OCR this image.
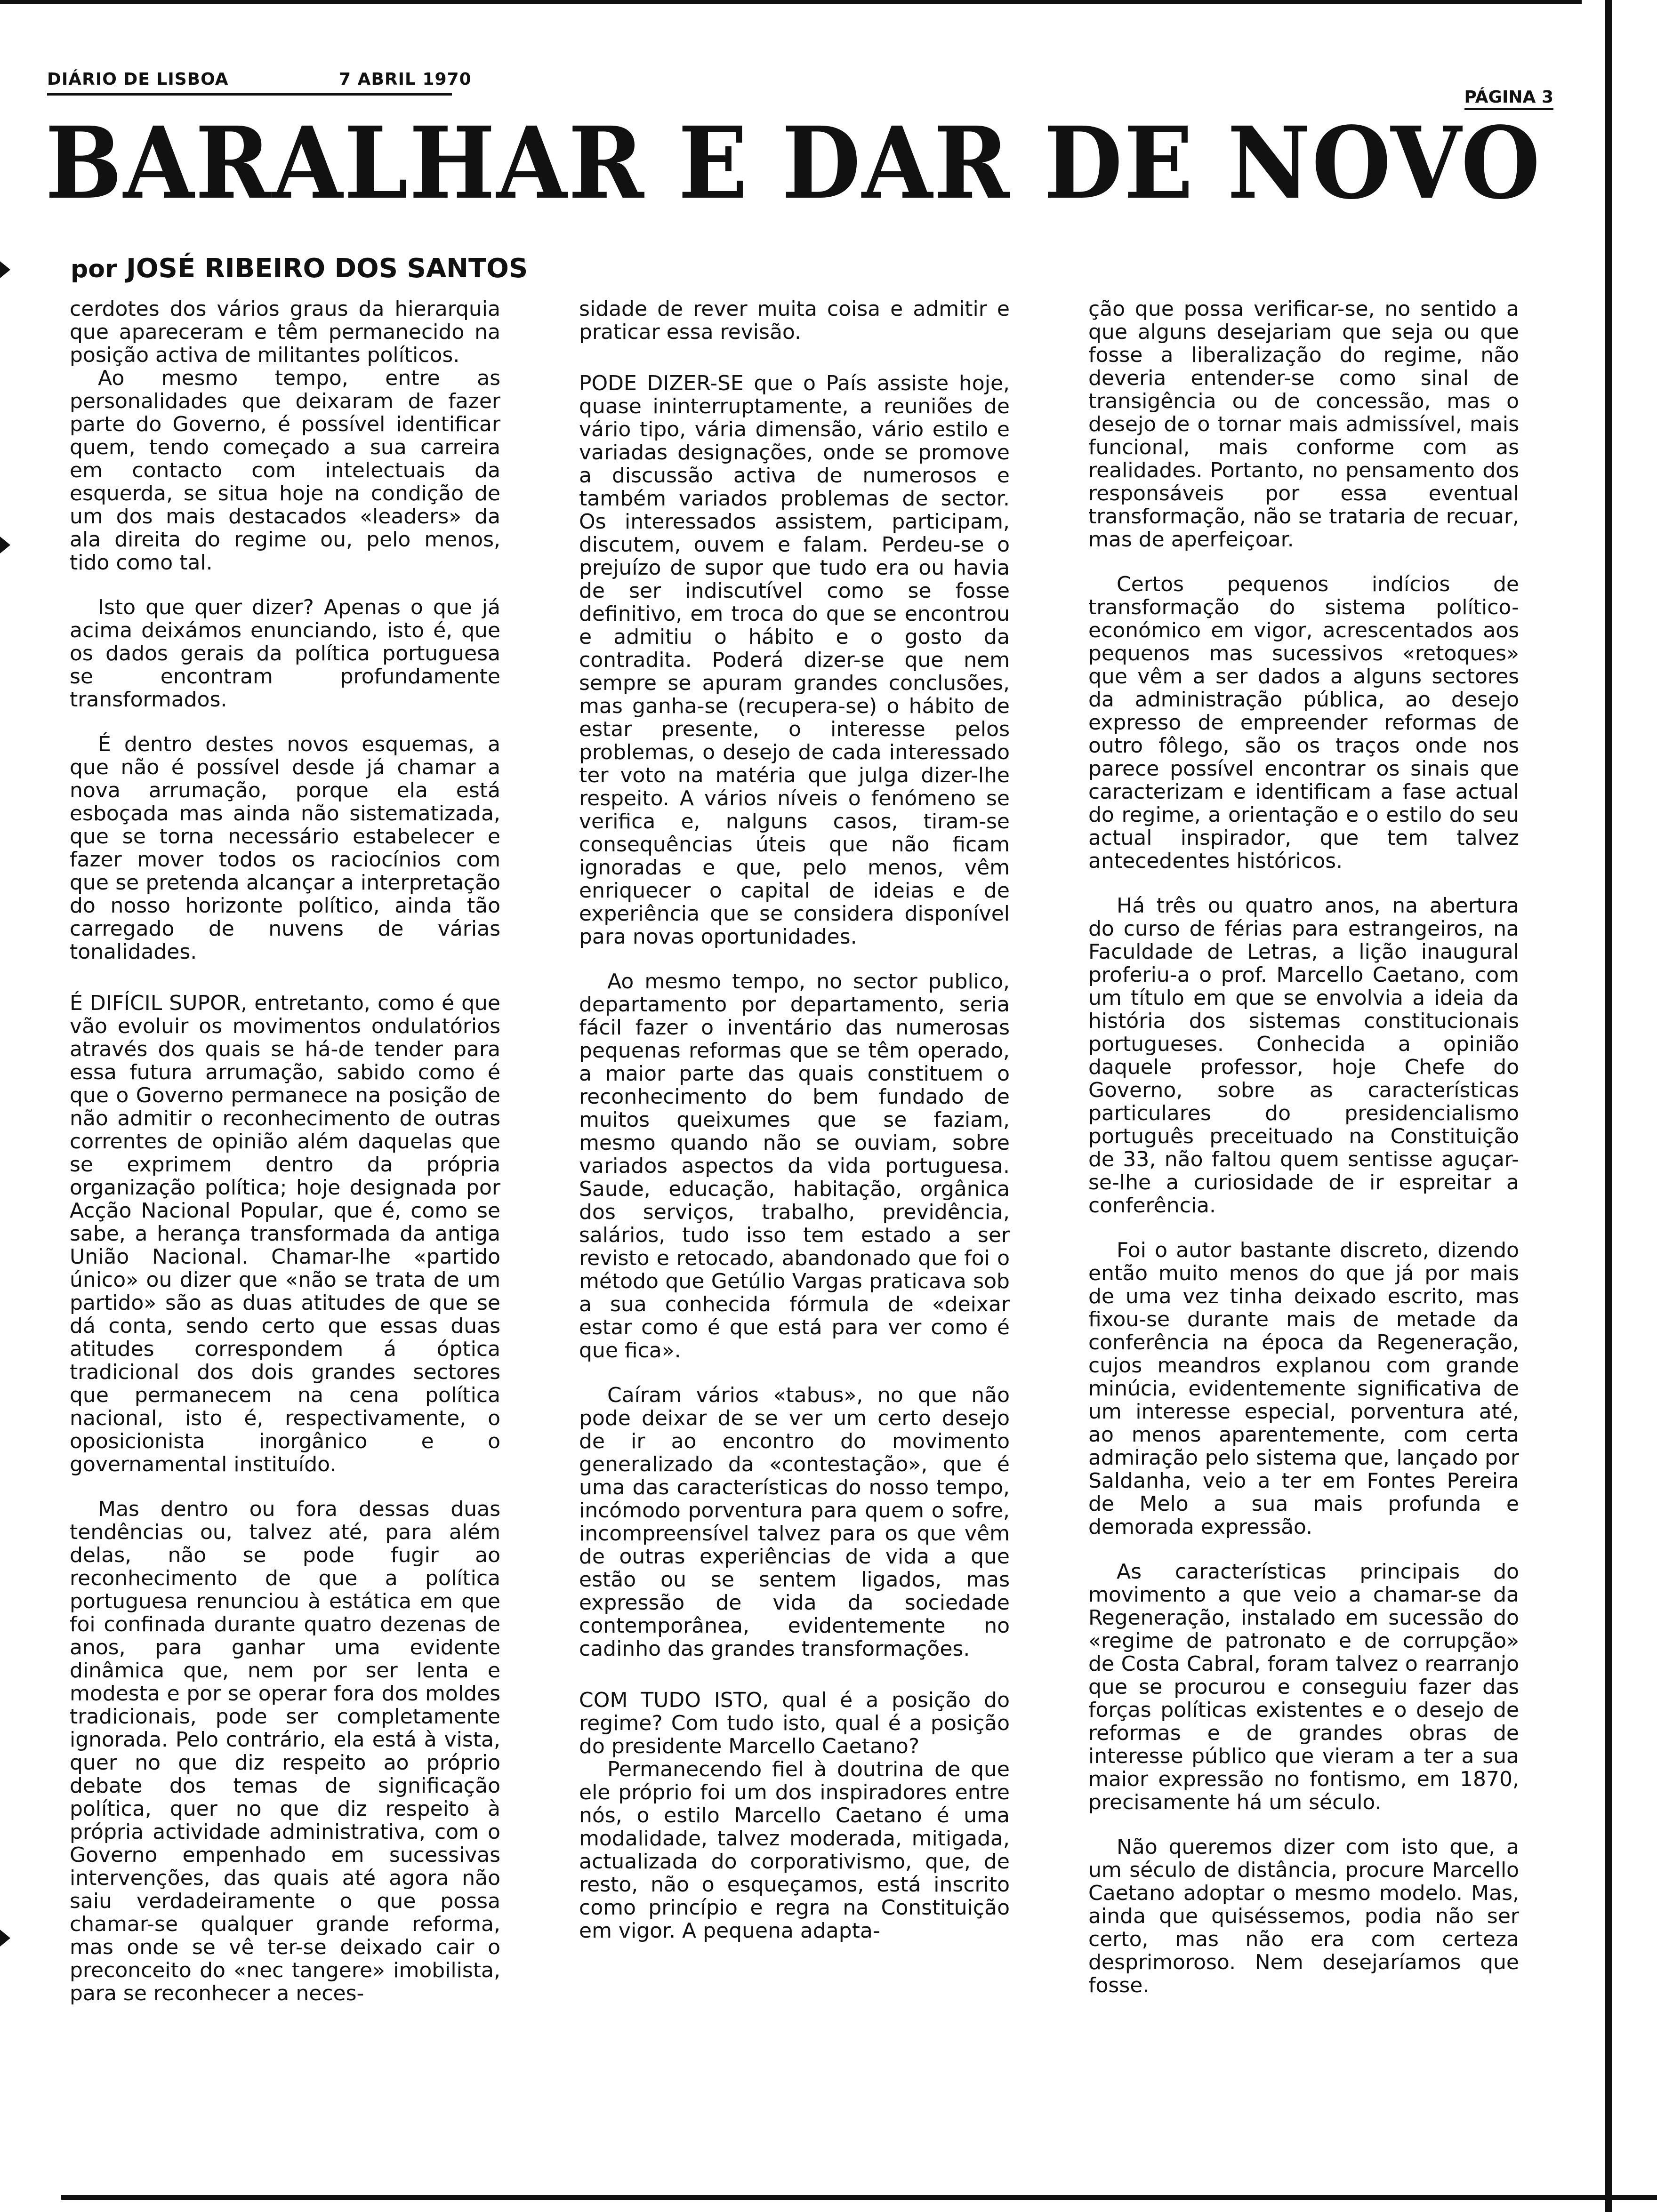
DIÁRIO DE LISBOA	7 ABRIL 1970
PÁGINA 3
BARALHAR E DAR DE NOVO
por JOSÉ RIBEIRO DOS SANTOS

cerdotes dos vários graus da hierarquia que apareceram e têm permanecido na posição activa de militantes políticos.

Ao mesmo tempo, entre as personalidades que deixaram de fazer parte do Governo, é possível identificar quem, tendo começado a sua carreira em contacto com intelectuais da esquerda, se situa hoje na condição de um dos mais destacados «leaders» da ala direita do regime ou, pelo menos, tido como tal.

Isto que quer dizer? Apenas o que já acima deixámos enunciando, isto é, que os dados gerais da política portuguesa se encontram profundamente transformados.

É dentro destes novos esquemas, a que não é possível desde já chamar a nova arrumação, porque ela está esboçada mas ainda não sistematizada, que se torna necessário estabelecer e fazer mover todos os raciocínios com que se pretenda alcançar a interpretação do nosso horizonte político, ainda tão carregado de nuvens de várias tonalidades.

É DIFÍCIL SUPOR, entretanto, como é que vão evoluir os movimentos ondulatórios através dos quais se há-de tender para essa futura arrumação, sabido como é que o Governo permanece na posição de não admitir o reconhecimento de outras correntes de opinião além daquelas que se exprimem dentro da própria organização política; hoje designada por Acção Nacional Popular, que é, como se sabe, a herança transformada da antiga União Nacional. Chamar-lhe «partido único» ou dizer que «não se trata de um partido» são as duas atitudes de que se dá conta, sendo certo que essas duas atitudes correspondem á óptica tradicional dos dois grandes sectores que permanecem na cena política nacional, isto é, respectivamente, o oposicionista inorgânico e o governamental instituído.

Mas dentro ou fora dessas duas tendências ou, talvez até, para além delas, não se pode fugir ao reconhecimento de que a política portuguesa renunciou à estática em que foi confinada durante quatro dezenas de anos, para ganhar uma evidente dinâmica que, nem por ser lenta e modesta e por se operar fora dos moldes tradicionais, pode ser completamente ignorada. Pelo contrário, ela está à vista, quer no que diz respeito ao próprio debate dos temas de significação política, quer no que diz respeito à própria actividade administrativa, com o Governo empenhado em sucessivas intervenções, das quais até agora não saiu verdadeiramente o que possa chamar-se qualquer grande reforma, mas onde se vê ter-se deixado cair o preconceito do «nec tangere» imobilista, para se reconhecer a neces-

sidade de rever muita coisa e admitir e praticar essa revisão.

PODE DIZER-SE que o País assiste hoje, quase ininterruptamente, a reuniões de vário tipo, vária dimensão, vário estilo e variadas designações, onde se promove a discussão activa de numerosos e também variados problemas de sector. Os interessados assistem, participam, discutem, ouvem e falam. Perdeu-se o prejuízo de supor que tudo era ou havia de ser indiscutível como se fosse definitivo, em troca do que se encontrou e admitiu o hábito e o gosto da contradita. Poderá dizer-se que nem sempre se apuram grandes conclusões, mas ganha-se (recupera-se) o hábito de estar presente, o interesse pelos problemas, o desejo de cada interessado ter voto na matéria que julga dizer-lhe respeito. A vários níveis o fenómeno se verifica e, nalguns casos, tiram-se consequências úteis que não ficam ignoradas e que, pelo menos, vêm enriquecer o capital de ideias e de experiência que se considera disponível para novas oportunidades.

Ao mesmo tempo, no sector publico, departamento por departamento, seria fácil fazer o inventário das numerosas pequenas reformas que se têm operado, a maior parte das quais constituem o reconhecimento do bem fundado de muitos queixumes que se faziam, mesmo quando não se ouviam, sobre variados aspectos da vida portuguesa. Saude, educação, habitação, orgânica dos serviços, trabalho, previdência, salários, tudo isso tem estado a ser revisto e retocado, abandonado que foi o método que Getúlio Vargas praticava sob a sua conhecida fórmula de «deixar estar como é que está para ver como é que fica».

Caíram vários «tabus», no que não pode deixar de se ver um certo desejo de ir ao encontro do movimento generalizado da «contestação», que é uma das características do nosso tempo, incómodo porventura para quem o sofre, incompreensível talvez para os que vêm de outras experiências de vida a que estão ou se sentem ligados, mas expressão de vida da sociedade contemporânea, evidentemente no cadinho das grandes transformações.

COM TUDO ISTO, qual é a posição do regime? Com tudo isto, qual é a posição do presidente Marcello Caetano?

Permanecendo fiel à doutrina de que ele próprio foi um dos inspiradores entre nós, o estilo Marcello Caetano é uma modalidade, talvez moderada, mitigada, actualizada do corporativismo, que, de resto, não o esqueçamos, está inscrito como princípio e regra na Constituição em vigor. A pequena adapta-

ção que possa verificar-se, no sentido a que alguns desejariam que seja ou que fosse a liberalização do regime, não deveria entender-se como sinal de transigência ou de concessão, mas o desejo de o tornar mais admissível, mais funcional, mais conforme com as realidades. Portanto, no pensamento dos responsáveis por essa eventual transformação, não se trataria de recuar, mas de aperfeiçoar.

Certos pequenos indícios de transformação do sistema político-económico em vigor, acrescentados aos pequenos mas sucessivos «retoques» que vêm a ser dados a alguns sectores da administração pública, ao desejo expresso de empreender reformas de outro fôlego, são os traços onde nos parece possível encontrar os sinais que caracterizam e identificam a fase actual do regime, a orientação e o estilo do seu actual inspirador, que tem talvez antecedentes históricos.

Há três ou quatro anos, na abertura do curso de férias para estrangeiros, na Faculdade de Letras, a lição inaugural proferiu-a o prof. Marcello Caetano, com um título em que se envolvia a ideia da história dos sistemas constitucionais portugueses. Conhecida a opinião daquele professor, hoje Chefe do Governo, sobre as características particulares do presidencialismo português preceituado na Constituição de 33, não faltou quem sentisse aguçar-se-lhe a curiosidade de ir espreitar a conferência.

Foi o autor bastante discreto, dizendo então muito menos do que já por mais de uma vez tinha deixado escrito, mas fixou-se durante mais de metade da conferência na época da Regeneração, cujos meandros explanou com grande minúcia, evidentemente significativa de um interesse especial, porventura até, ao menos aparentemente, com certa admiração pelo sistema que, lançado por Saldanha, veio a ter em Fontes Pereira de Melo a sua mais profunda e demorada expressão.

As características principais do movimento a que veio a chamar-se da Regeneração, instalado em sucessão do «regime de patronato e de corrupção» de Costa Cabral, foram talvez o rearranjo que se procurou e conseguiu fazer das forças políticas existentes e o desejo de reformas e de grandes obras de interesse público que vieram a ter a sua maior expressão no fontismo, em 1870, precisamente há um século.

Não queremos dizer com isto que, a um século de distância, procure Marcello Caetano adoptar o mesmo modelo. Mas, ainda que quiséssemos, podia não ser certo, mas não era com certeza desprimoroso. Nem desejaríamos que fosse.
